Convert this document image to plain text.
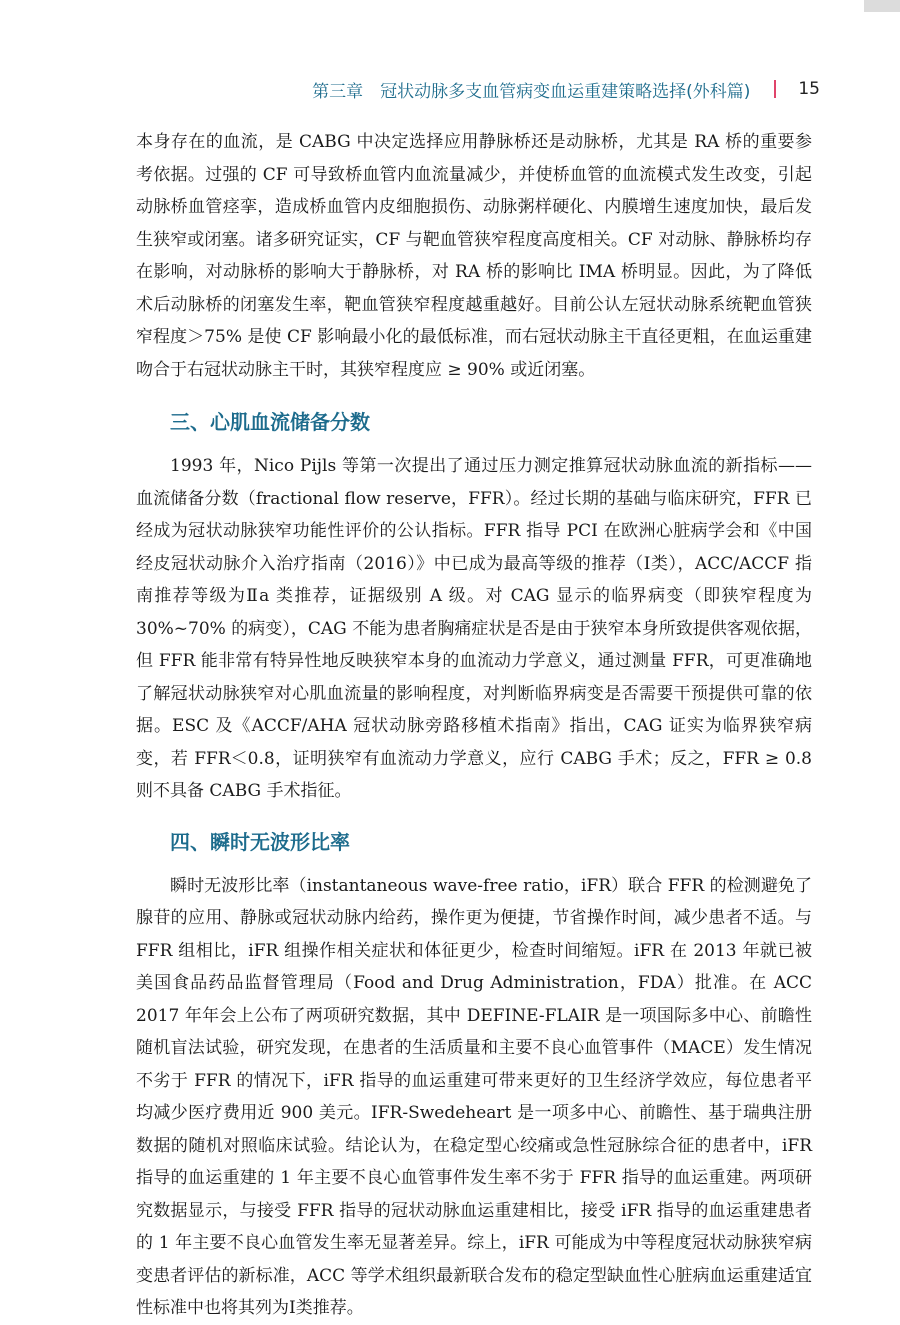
第三章　冠状动脉多支血管病变血运重建策略选择(外科篇)	15

本身存在的血流，是 CABG 中决定选择应用静脉桥还是动脉桥，尤其是 RA 桥的重要参考依据。过强的 CF 可导致桥血管内血流量减少，并使桥血管的血流模式发生改变，引起动脉桥血管痉挛，造成桥血管内皮细胞损伤、动脉粥样硬化、内膜增生速度加快，最后发生狭窄或闭塞。诸多研究证实，CF 与靶血管狭窄程度高度相关。CF 对动脉、静脉桥均存在影响，对动脉桥的影响大于静脉桥，对 RA 桥的影响比 IMA 桥明显。因此，为了降低术后动脉桥的闭塞发生率，靶血管狭窄程度越重越好。目前公认左冠状动脉系统靶血管狭窄程度＞75% 是使 CF 影响最小化的最低标准，而右冠状动脉主干直径更粗，在血运重建吻合于右冠状动脉主干时，其狭窄程度应 ≥ 90% 或近闭塞。

三、心肌血流储备分数

1993 年，Nico Pijls 等第一次提出了通过压力测定推算冠状动脉血流的新指标——血流储备分数（fractional flow reserve，FFR）。经过长期的基础与临床研究，FFR 已经成为冠状动脉狭窄功能性评价的公认指标。FFR 指导 PCI 在欧洲心脏病学会和《中国经皮冠状动脉介入治疗指南（2016）》中已成为最高等级的推荐（Ⅰ类），ACC/ACCF 指南推荐等级为Ⅱa 类推荐，证据级别 A 级。对 CAG 显示的临界病变（即狭窄程度为 30%~70% 的病变），CAG 不能为患者胸痛症状是否是由于狭窄本身所致提供客观依据，但 FFR 能非常有特异性地反映狭窄本身的血流动力学意义，通过测量 FFR，可更准确地了解冠状动脉狭窄对心肌血流量的影响程度，对判断临界病变是否需要干预提供可靠的依据。ESC 及《ACCF/AHA 冠状动脉旁路移植术指南》指出，CAG 证实为临界狭窄病变，若 FFR＜0.8，证明狭窄有血流动力学意义，应行 CABG 手术；反之，FFR ≥ 0.8 则不具备 CABG 手术指征。

四、瞬时无波形比率

瞬时无波形比率（instantaneous wave-free ratio，iFR）联合 FFR 的检测避免了腺苷的应用、静脉或冠状动脉内给药，操作更为便捷，节省操作时间，减少患者不适。与 FFR 组相比，iFR 组操作相关症状和体征更少，检查时间缩短。iFR 在 2013 年就已被美国食品药品监督管理局（Food and Drug Administration，FDA）批准。在 ACC 2017 年年会上公布了两项研究数据，其中 DEFINE-FLAIR 是一项国际多中心、前瞻性随机盲法试验，研究发现，在患者的生活质量和主要不良心血管事件（MACE）发生情况不劣于 FFR 的情况下，iFR 指导的血运重建可带来更好的卫生经济学效应，每位患者平均减少医疗费用近 900 美元。IFR-Swedeheart 是一项多中心、前瞻性、基于瑞典注册数据的随机对照临床试验。结论认为，在稳定型心绞痛或急性冠脉综合征的患者中，iFR 指导的血运重建的 1 年主要不良心血管事件发生率不劣于 FFR 指导的血运重建。两项研究数据显示，与接受 FFR 指导的冠状动脉血运重建相比，接受 iFR 指导的血运重建患者的 1 年主要不良心血管发生率无显著差异。综上，iFR 可能成为中等程度冠状动脉狭窄病变患者评估的新标准，ACC 等学术组织最新联合发布的稳定型缺血性心脏病血运重建适宜性标准中也将其列为Ⅰ类推荐。
